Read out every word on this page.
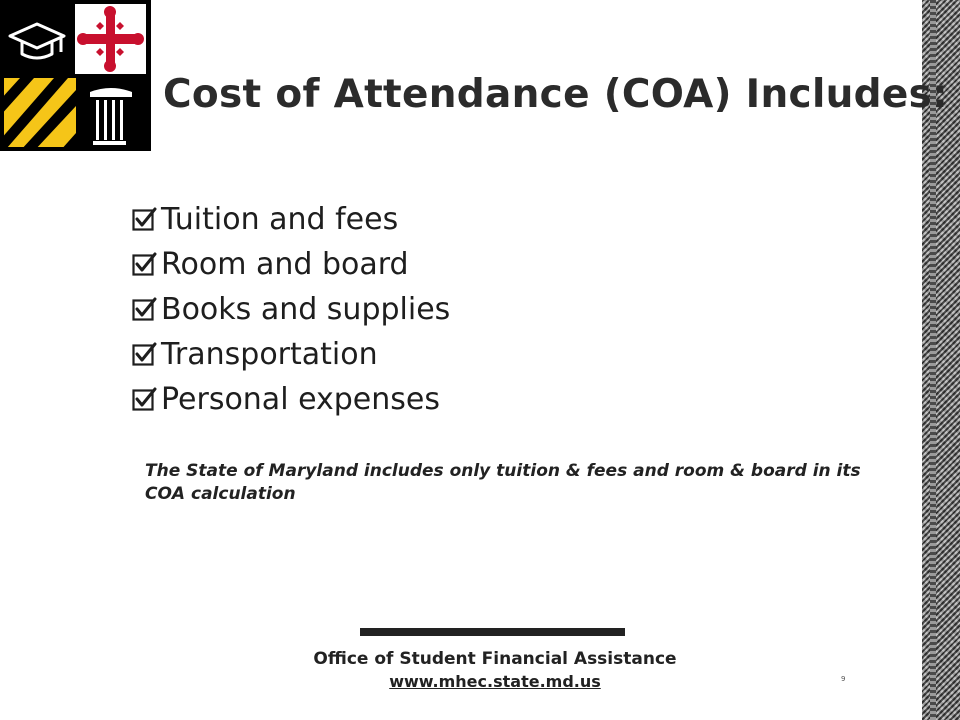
Cost of Attendance (COA) Includes:
Tuition and fees
Room and board
Books and supplies
Transportation
Personal expenses
The State of Maryland includes only tuition & fees and room & board in its COA calculation
Office of Student Financial Assistance
www.mhec.state.md.us	9
